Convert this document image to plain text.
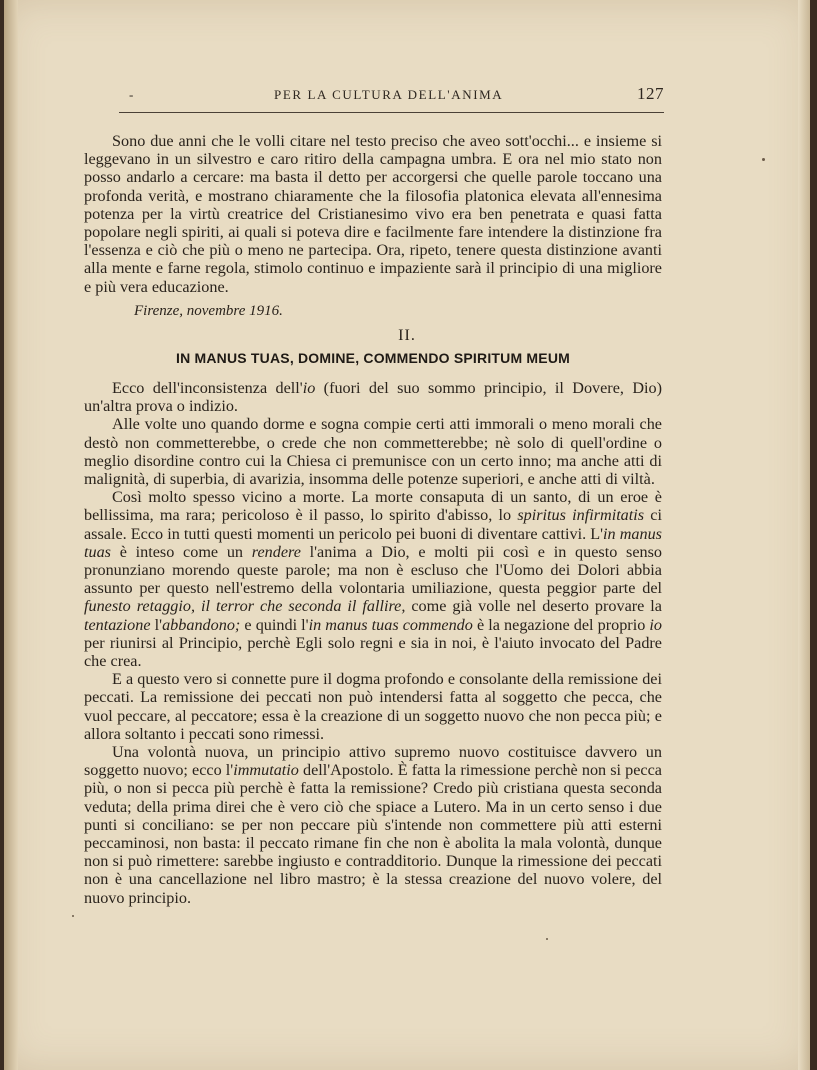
-	PER LA CULTURA DELL'ANIMA	127

Sono due anni che le volli citare nel testo preciso che aveo sott'occhi... e insieme si leggevano in un silvestro e caro ritiro della campagna umbra. E ora nel mio stato non posso andarlo a cercare: ma basta il detto per accorgersi che quelle parole toccano una profonda verità, e mostrano chiaramente che la filosofia platonica elevata all'ennesima potenza per la virtù creatrice del Cristianesimo vivo era ben penetrata e quasi fatta popolare negli spiriti, ai quali si poteva dire e facilmente fare intendere la distinzione fra l'essenza e ciò che più o meno ne partecipa. Ora, ripeto, tenere questa distinzione avanti alla mente e farne regola, stimolo continuo e impaziente sarà il principio di una migliore e più vera educazione.

Firenze, novembre 1916.
II.
IN MANUS TUAS, DOMINE, COMMENDO SPIRITUM MEUM

Ecco dell'inconsistenza dell'io (fuori del suo sommo principio, il Dovere, Dio) un'altra prova o indizio.

Alle volte uno quando dorme e sogna compie certi atti immorali o meno morali che destò non commetterebbe, o crede che non commetterebbe; nè solo di quell'ordine o meglio disordine contro cui la Chiesa ci premunisce con un certo inno; ma anche atti di malignità, di superbia, di avarizia, insomma delle potenze superiori, e anche atti di viltà.

Così molto spesso vicino a morte. La morte consaputa di un santo, di un eroe è bellissima, ma rara; pericoloso è il passo, lo spirito d'abisso, lo spiritus infirmitatis ci assale. Ecco in tutti questi momenti un pericolo pei buoni di diventare cattivi. L'in manus tuas è inteso come un rendere l'anima a Dio, e molti pii così e in questo senso pronunziano morendo queste parole; ma non è escluso che l'Uomo dei Dolori abbia assunto per questo nell'estremo della volontaria umiliazione, questa peggior parte del funesto retaggio, il terror che seconda il fallire, come già volle nel deserto provare la tentazione l'abbandono; e quindi l'in manus tuas commendo è la negazione del proprio io per riunirsi al Principio, perchè Egli solo regni e sia in noi, è l'aiuto invocato del Padre che crea.

E a questo vero si connette pure il dogma profondo e consolante della remissione dei peccati. La remissione dei peccati non può intendersi fatta al soggetto che pecca, che vuol peccare, al peccatore; essa è la creazione di un soggetto nuovo che non pecca più; e allora soltanto i peccati sono rimessi.

Una volontà nuova, un principio attivo supremo nuovo costituisce davvero un soggetto nuovo; ecco l'immutatio dell'Apostolo. È fatta la rimessione perchè non si pecca più, o non si pecca più perchè è fatta la remissione? Credo più cristiana questa seconda veduta; della prima direi che è vero ciò che spiace a Lutero. Ma in un certo senso i due punti si conciliano: se per non peccare più s'intende non commettere più atti esterni peccaminosi, non basta: il peccato rimane fin che non è abolita la mala volontà, dunque non si può rimettere: sarebbe ingiusto e contradditorio. Dunque la rimessione dei peccati non è una cancellazione nel libro mastro; è la stessa creazione del nuovo volere, del nuovo principio.
